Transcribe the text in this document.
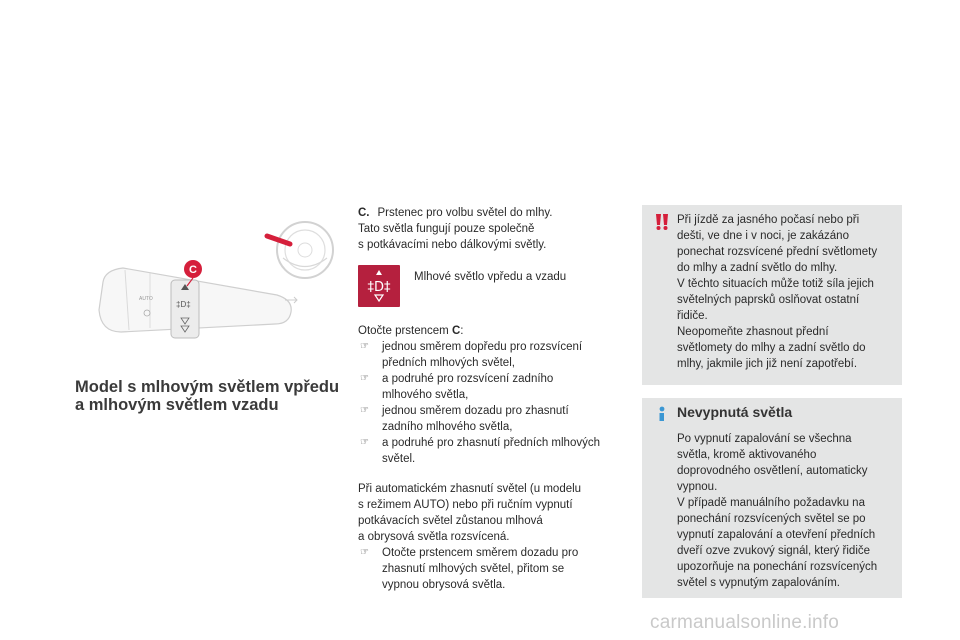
‡D‡
AUTO
C
Model s mlhovým světlem vpředu
a mlhovým světlem vzadu
C. Prstenec pro volbu světel do mlhy.
Tato světla fungují pouze společně
s potkávacími nebo dálkovými světly.
‡D‡
Mlhové světlo vpředu a vzadu
Otočte prstencem C:
☞ jednou směrem dopředu pro rozsvícení
předních mlhových světel,
☞ a podruhé pro rozsvícení zadního
mlhového světla,
☞ jednou směrem dozadu pro zhasnutí
zadního mlhového světla,
☞ a podruhé pro zhasnutí předních mlhových
světel.
Při automatickém zhasnutí světel (u modelu
s režimem AUTO) nebo při ručním vypnutí
potkávacích světel zůstanou mlhová
a obrysová světla rozsvícená.
☞ Otočte prstencem směrem dozadu pro
zhasnutí mlhových světel, přitom se
vypnou obrysová světla.
Při jízdě za jasného počasí nebo při
dešti, ve dne i v noci, je zakázáno
ponechat rozsvícené přední světlomety
do mlhy a zadní světlo do mlhy.
V těchto situacích může totiž síla jejich
světelných paprsků oslňovat ostatní
řidiče.
Neopomeňte zhasnout přední
světlomety do mlhy a zadní světlo do
mlhy, jakmile jich již není zapotřebí.
Nevypnutá světla
Po vypnutí zapalování se všechna
světla, kromě aktivovaného
doprovodného osvětlení, automaticky
vypnou.
V případě manuálního požadavku na
ponechání rozsvícených světel se po
vypnutí zapalování a otevření předních
dveří ozve zvukový signál, který řidiče
upozorňuje na ponechání rozsvícených
světel s vypnutým zapalováním.
carmanualsonline.info
